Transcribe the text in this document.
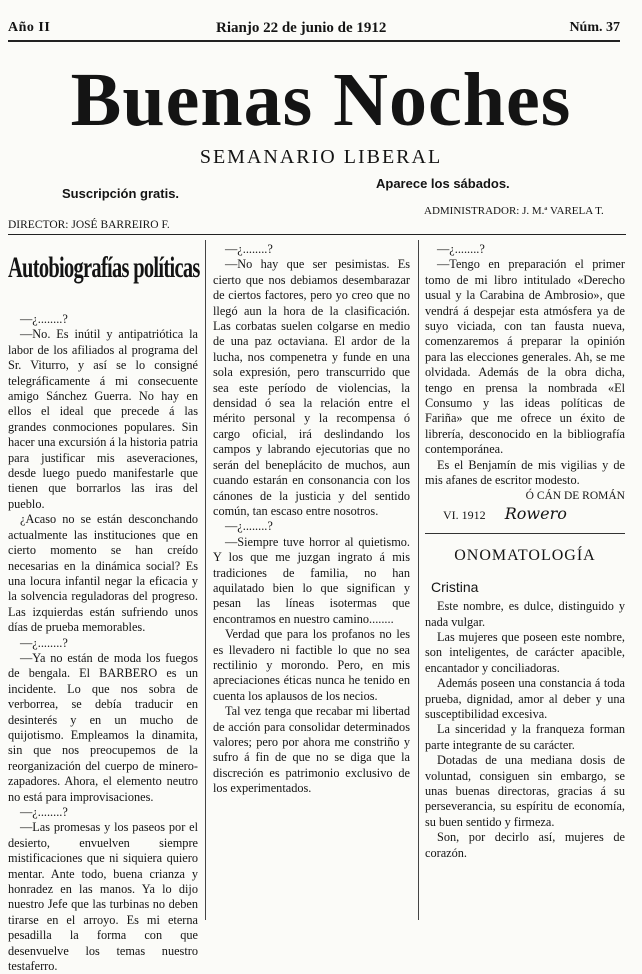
Año II	Rianjo 22 de junio de 1912	Núm. 37
Buenas Noches
SEMANARIO LIBERAL
Suscripción gratis.
Aparece los sábados.
DIRECTOR: JOSÉ BARREIRO F.
ADMINISTRADOR: J. M.ª VARELA T.
Autobiografías políticas

—¿........?

—No. Es inútil y antipatriótica la labor de los afiliados al programa del Sr. Viturro, y así se lo consigné telegráficamente á mi consecuente amigo Sánchez Guerra. No hay en ellos el ideal que precede á las grandes conmociones populares. Sin hacer una excursión á la historia patria para justificar mis aseveraciones, desde luego puedo manifestarle que tienen que borrarlos las iras del pueblo.

¿Acaso no se están desconchando actualmente las instituciones que en cierto momento se han creído necesarias en la dinámica social? Es una locura infantil negar la eficacia y la solvencia reguladoras del progreso. Las izquierdas están sufriendo unos días de prueba memorables.

—¿........?

—Ya no están de moda los fuegos de bengala. El BARBERO es un incidente. Lo que nos sobra de verborrea, se debía traducir en desinterés y en un mucho de quijotismo. Empleamos la dinamita, sin que nos preocupemos de la reorganización del cuerpo de minero-zapadores. Ahora, el elemento neutro no está para improvisaciones.

—¿........?

—Las promesas y los paseos por el desierto, envuelven siempre mistificaciones que ni siquiera quiero mentar. Ante todo, buena crianza y honradez en las manos. Ya lo dijo nuestro Jefe que las turbinas no deben tirarse en el arroyo. Es mi eterna pesadilla la forma con que desenvuelve los temas nuestro testaferro.

—¿........?

—No hay que ser pesimistas. Es cierto que nos debiamos desembarazar de ciertos factores, pero yo creo que no llegó aun la hora de la clasificación. Las corbatas suelen colgarse en medio de una paz octaviana. El ardor de la lucha, nos compenetra y funde en una sola expresión, pero transcurrido que sea este período de violencias, la densidad ó sea la relación entre el mérito personal y la recompensa ó cargo oficial, irá deslindando los campos y labrando ejecutorias que no serán del beneplácito de muchos, aun cuando estarán en consonancia con los cánones de la justicia y del sentido común, tan escaso entre nosotros.

—¿........?

—Siempre tuve horror al quietismo. Y los que me juzgan ingrato á mis tradiciones de familia, no han aquilatado bien lo que significan y pesan las líneas isotermas que encontramos en nuestro camino........

Verdad que para los profanos no les es llevadero ni factible lo que no sea rectilinio y morondo. Pero, en mis apreciaciones éticas nunca he tenido en cuenta los aplausos de los necios.

Tal vez tenga que recabar mi libertad de acción para consolidar determinados valores; pero por ahora me constriño y sufro á fin de que no se diga que la discreción es patrimonio exclusivo de los experimentados.

—¿........?

—Tengo en preparación el primer tomo de mi libro intitulado «Derecho usual y la Carabina de Ambrosio», que vendrá á despejar esta atmósfera ya de suyo viciada, con tan fausta nueva, comenzaremos á preparar la opinión para las elecciones generales. Ah, se me olvidada. Además de la obra dicha, tengo en prensa la nombrada «El Consumo y las ideas políticas de Fariña» que me ofrece un éxito de librería, desconocido en la bibliografía contemporánea.

Es el Benjamín de mis vigilias y de mis afanes de escritor modesto.

Ó CÁN DE ROMÁN

VI. 1912 Rowero

ONOMATOLOGÍA

Cristina

Este nombre, es dulce, distinguido y nada vulgar.

Las mujeres que poseen este nombre, son inteligentes, de carácter apacible, encantador y conciliadoras.

Además poseen una constancia á toda prueba, dignidad, amor al deber y una susceptibilidad excesiva.

La sinceridad y la franqueza forman parte integrante de su carácter.

Dotadas de una mediana dosis de voluntad, consiguen sin embargo, se unas buenas directoras, gracias á su perseverancia, su espíritu de economía, su buen sentido y firmeza.

Son, por decirlo así, mujeres de corazón.
